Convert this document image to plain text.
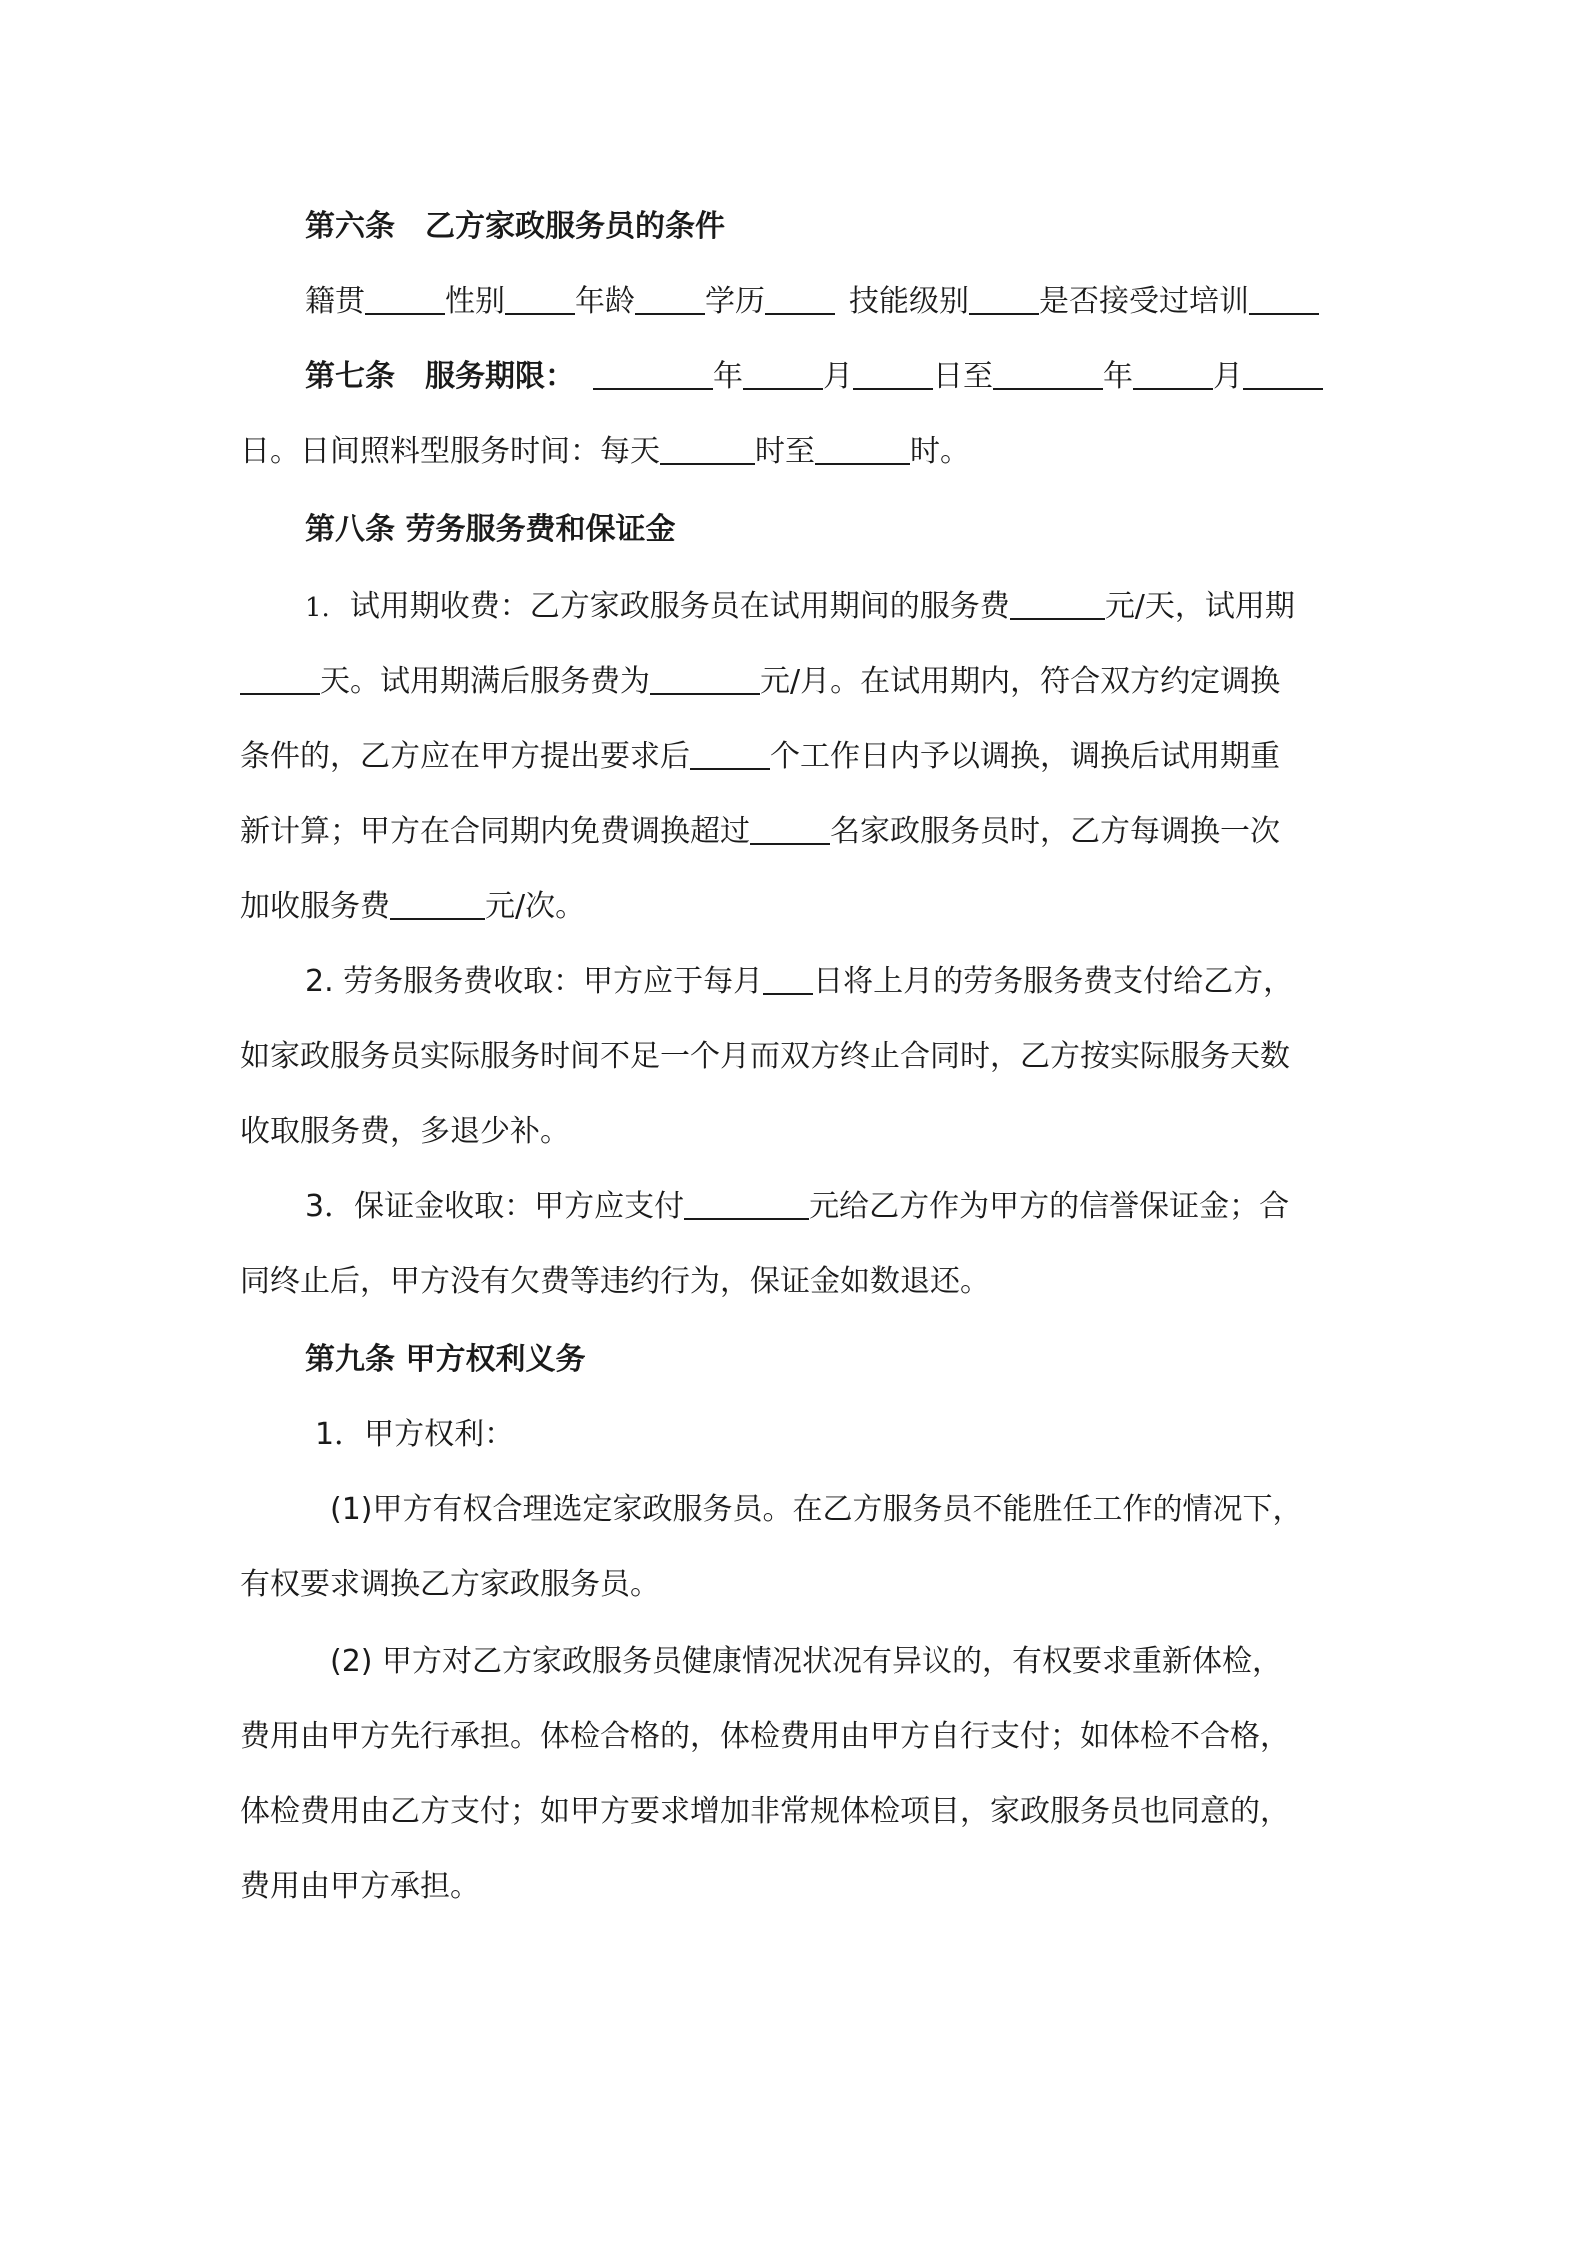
第六条　乙方家政服务员的条件
籍贯	性别 年龄 学历	技能级别 是否接受过培训
第七条　服务期限：	年	月	日至	年	月
日。日间照料型服务时间：每天	时至	时。
第八条 劳务服务费和保证金
1. 试用期收费：乙方家政服务员在试用期间的服务费	元/天，试用期
天。试用期满后服务费为	元/月。在试用期内，符合双方约定调换
条件的，乙方应在甲方提出要求后	个工作日内予以调换，调换后试用期重
新计算；甲方在合同期内免费调换超过	名家政服务员时，乙方每调换一次
加收服务费	元/次。
2. 劳务服务费收取：甲方应于每月 日将上月的劳务服务费支付给乙方，
如家政服务员实际服务时间不足一个月而双方终止合同时，乙方按实际服务天数
收取服务费，多退少补。
3．保证金收取：甲方应支付	元给乙方作为甲方的信誉保证金；合
同终止后，甲方没有欠费等违约行为，保证金如数退还。
第九条 甲方权利义务
1．甲方权利：
(1)甲方有权合理选定家政服务员。在乙方服务员不能胜任工作的情况下，
有权要求调换乙方家政服务员。
(2) 甲方对乙方家政服务员健康情况状况有异议的，有权要求重新体检，
费用由甲方先行承担。体检合格的，体检费用由甲方自行支付；如体检不合格，
体检费用由乙方支付；如甲方要求增加非常规体检项目，家政服务员也同意的，
费用由甲方承担。
